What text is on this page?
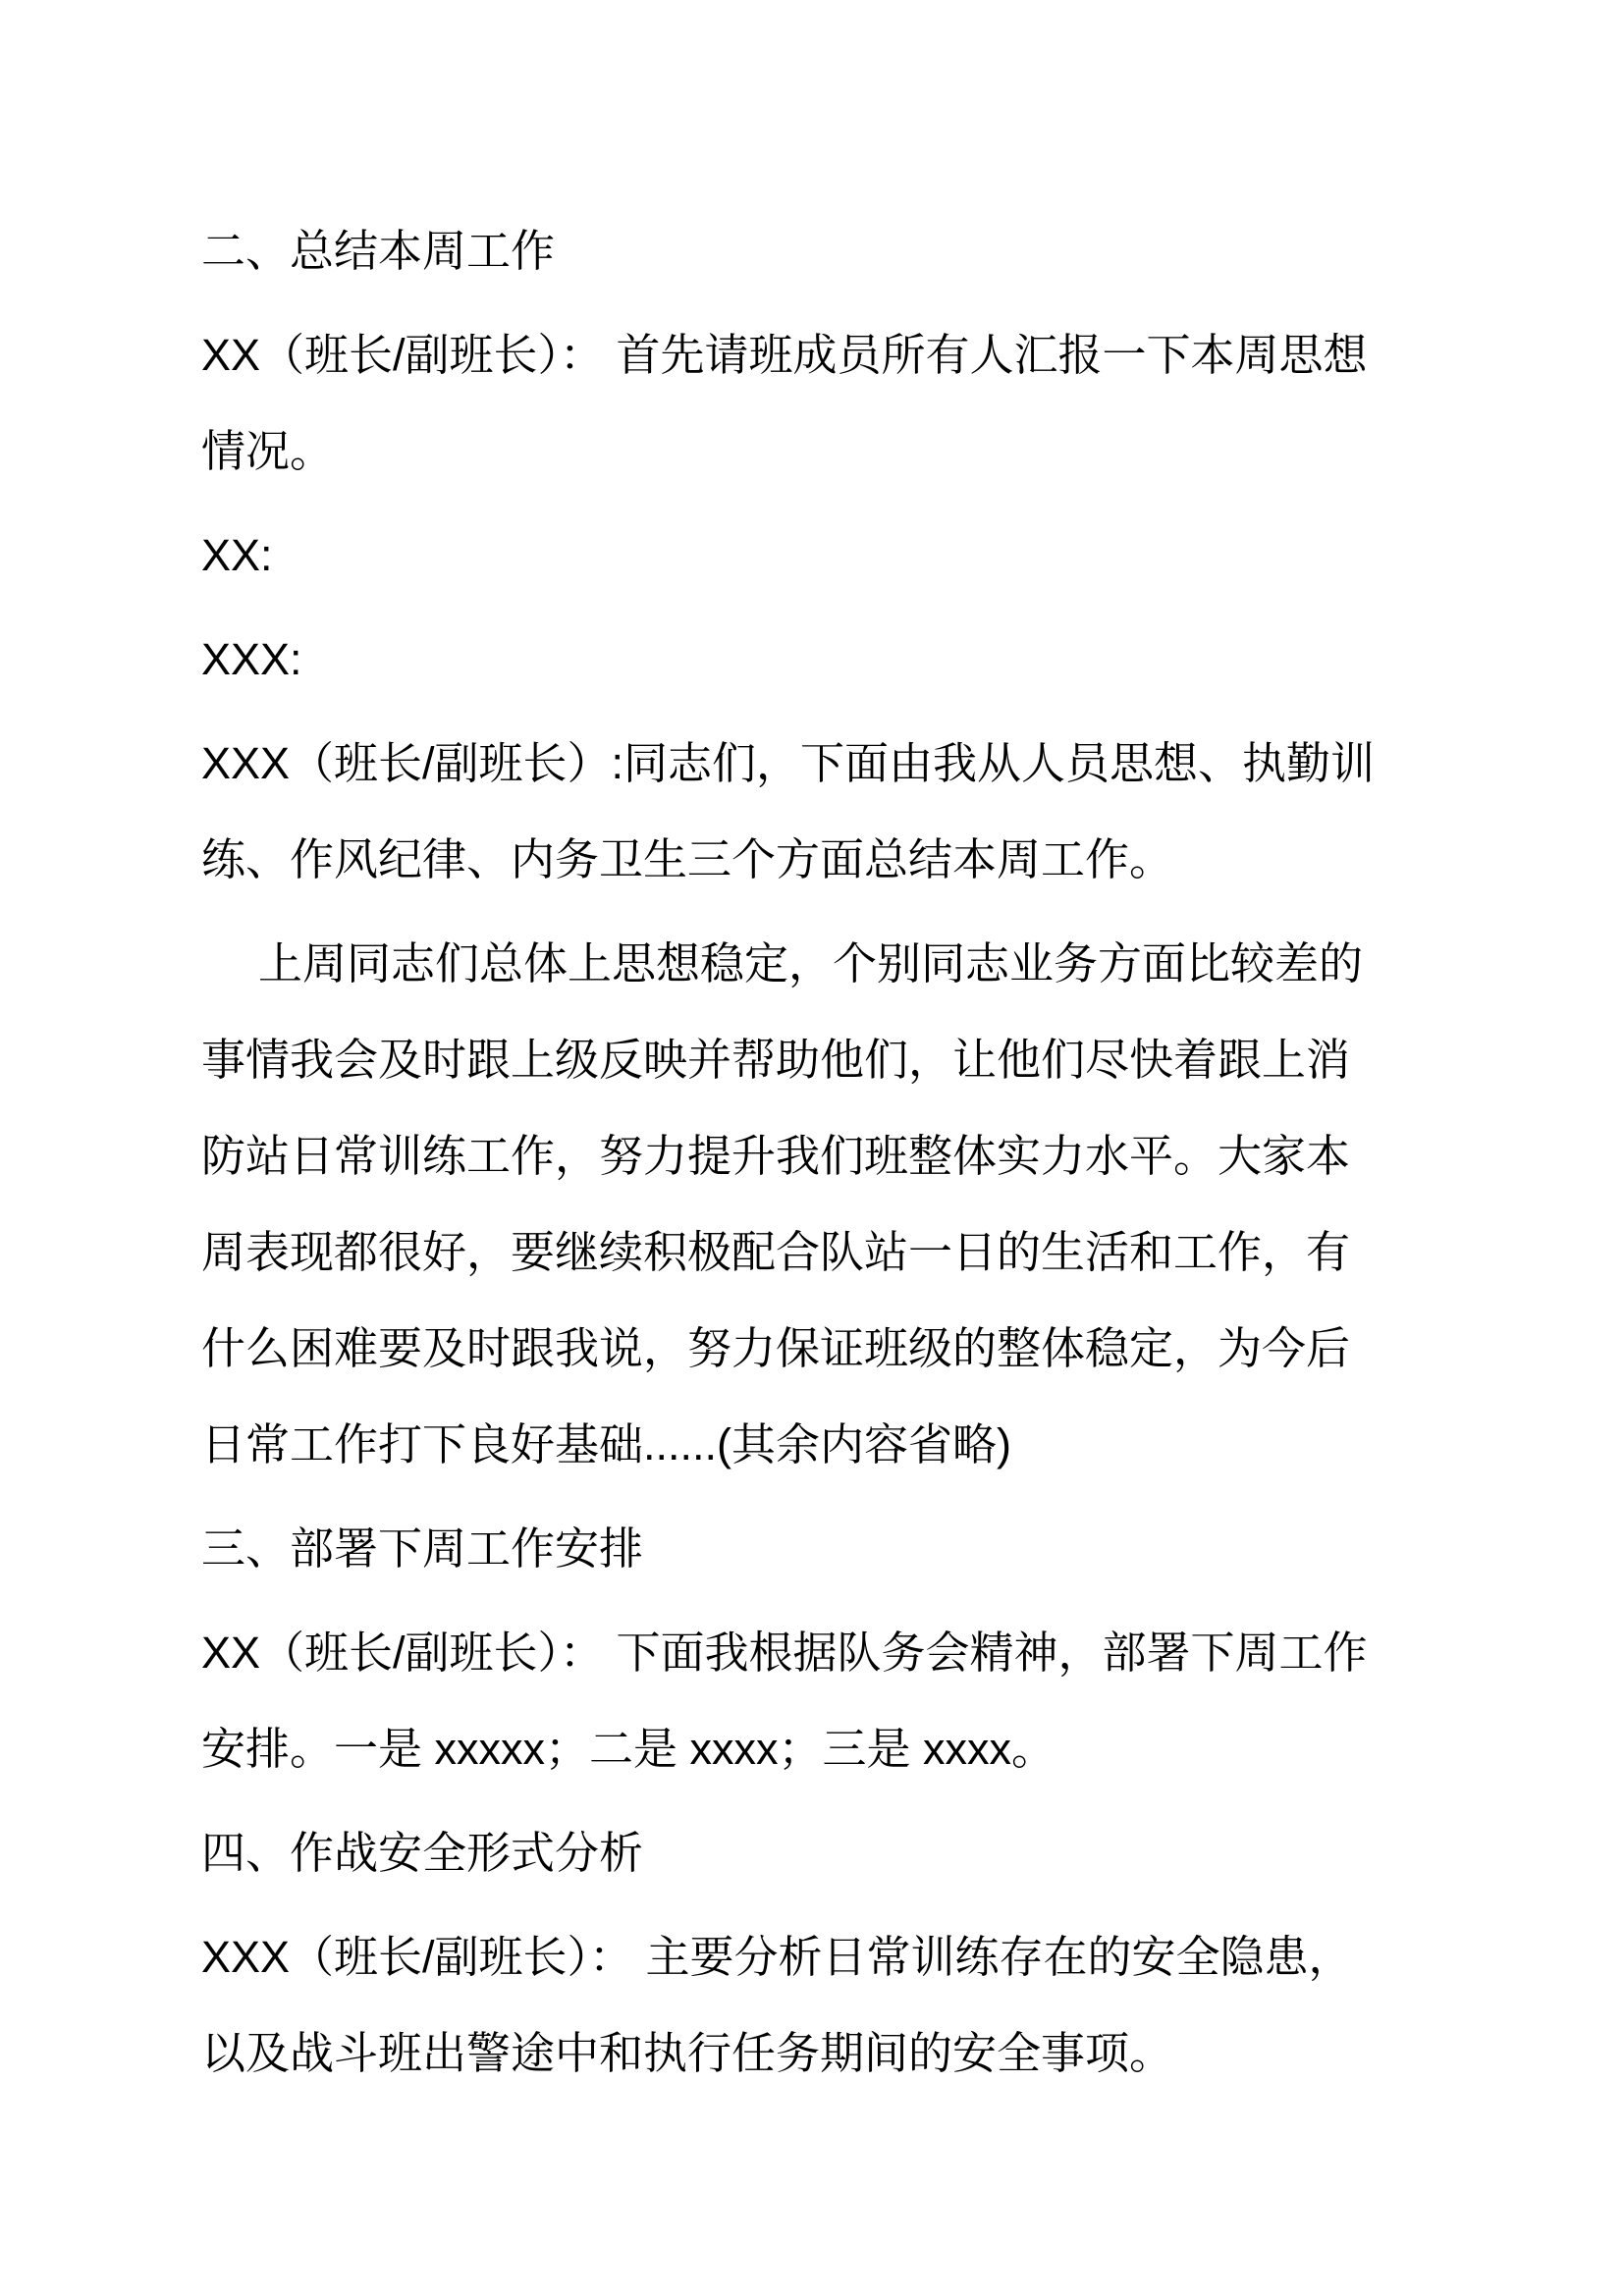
二、总结本周工作

XX（班长/副班长）： 首先请班成员所有人汇报一下本周思想情况。

XX:

XXX:

XXX（班长/副班长）:同志们，下面由我从人员思想、执勤训练、作风纪律、内务卫生三个方面总结本周工作。

上周同志们总体上思想稳定，个别同志业务方面比较差的事情我会及时跟上级反映并帮助他们，让他们尽快着跟上消防站日常训练工作，努力提升我们班整体实力水平。大家本周表现都很好，要继续积极配合队站一日的生活和工作，有什么困难要及时跟我说，努力保证班级的整体稳定，为今后日常工作打下良好基础......(其余内容省略)

三、部署下周工作安排

XX（班长/副班长）： 下面我根据队务会精神，部署下周工作安排。一是 xxxxx；二是 xxxx；三是 xxxx。

四、作战安全形式分析

XXX（班长/副班长）： 主要分析日常训练存在的安全隐患，以及战斗班出警途中和执行任务期间的安全事项。
